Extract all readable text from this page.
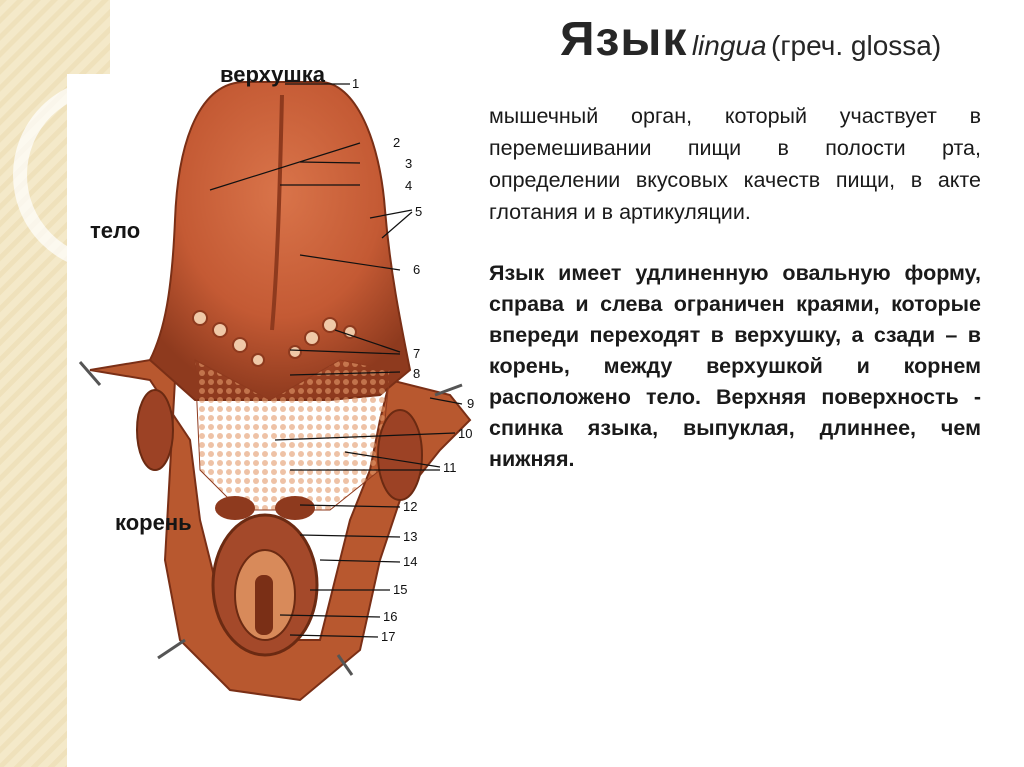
Язык lingua (греч. glossa)
мышечный орган, который участвует в перемешивании пищи в полости рта, определении вкусовых качеств пищи, в акте глотания и в артикуляции.
Язык имеет удлиненную овальную форму, справа и слева ограничен краями, которые впереди переходят в верхушку, а сзади – в корень, между верхушкой и корнем расположено тело. Верхняя поверхность - спинка языка, выпуклая, длиннее, чем нижняя.
1
2
3
4
5
6
7
8
9
10
11
12
13
14
15
16
17
верхушка
тело
корень
